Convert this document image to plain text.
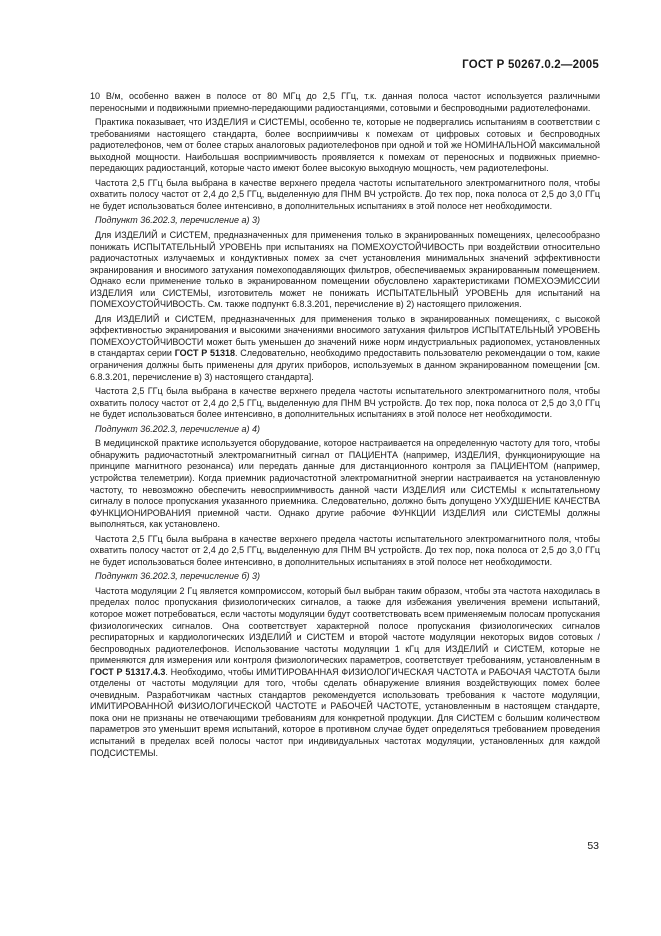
ГОСТ Р 50267.0.2—2005

10 В/м, особенно важен в полосе от 80 МГц до 2,5 ГГц, т.к. данная полоса частот используется различными переносными и подвижными приемно-передающими радиостанциями, сотовыми и беспроводными радиотелефонами.

Практика показывает, что ИЗДЕЛИЯ и СИСТЕМЫ, особенно те, которые не подвергались испытаниям в соответствии с требованиями настоящего стандарта, более восприимчивы к помехам от цифровых сотовых и беспроводных радиотелефонов, чем от более старых аналоговых радиотелефонов при одной и той же НОМИНАЛЬНОЙ максимальной выходной мощности. Наибольшая восприимчивость проявляется к помехам от переносных и подвижных приемно-передающих радиостанций, которые часто имеют более высокую выходную мощность, чем радиотелефоны.

Частота 2,5 ГГц была выбрана в качестве верхнего предела частоты испытательного электромагнитного поля, чтобы охватить полосу частот от 2,4 до 2,5 ГГц, выделенную для ПНМ ВЧ устройств. До тех пор, пока полоса от 2,5 до 3,0 ГГц не будет использоваться более интенсивно, в дополнительных испытаниях в этой полосе нет необходимости.

Подпункт 36.202.3, перечисление а) 3)

Для ИЗДЕЛИЙ и СИСТЕМ, предназначенных для применения только в экранированных помещениях, целесообразно понижать ИСПЫТАТЕЛЬНЫЙ УРОВЕНЬ при испытаниях на ПОМЕХОУСТОЙЧИВОСТЬ при воздействии относительно радиочастотных излучаемых и кондуктивных помех за счет установления минимальных значений эффективности экранирования и вносимого затухания помехоподавляющих фильтров, обеспечиваемых экранированным помещением. Однако если применение только в экранированном помещении обусловлено характеристиками ПОМЕХОЭМИССИИ ИЗДЕЛИЯ или СИСТЕМЫ, изготовитель может не понижать ИСПЫТАТЕЛЬНЫЙ УРОВЕНЬ для испытаний на ПОМЕХОУСТОЙЧИВОСТЬ. См. также подпункт 6.8.3.201, перечисление в) 2) настоящего приложения.

Для ИЗДЕЛИЙ и СИСТЕМ, предназначенных для применения только в экранированных помещениях, с высокой эффективностью экранирования и высокими значениями вносимого затухания фильтров ИСПЫТАТЕЛЬНЫЙ УРОВЕНЬ ПОМЕХОУСТОЙЧИВОСТИ может быть уменьшен до значений ниже норм индустриальных радиопомех, установленных в стандартах серии ГОСТ Р 51318. Следовательно, необходимо предоставить пользователю рекомендации о том, какие ограничения должны быть применены для других приборов, используемых в данном экранированном помещении [см. 6.8.3.201, перечисление в) 3) настоящего стандарта].

Частота 2,5 ГГц была выбрана в качестве верхнего предела частоты испытательного электромагнитного поля, чтобы охватить полосу частот от 2,4 до 2,5 ГГц, выделенную для ПНМ ВЧ устройств. До тех пор, пока полоса от 2,5 до 3,0 ГГц не будет использоваться более интенсивно, в дополнительных испытаниях в этой полосе нет необходимости.

Подпункт 36.202.3, перечисление а) 4)

В медицинской практике используется оборудование, которое настраивается на определенную частоту для того, чтобы обнаружить радиочастотный электромагнитный сигнал от ПАЦИЕНТА (например, ИЗДЕЛИЯ, функционирующие на принципе магнитного резонанса) или передать данные для дистанционного контроля за ПАЦИЕНТОМ (например, устройства телеметрии). Когда приемник радиочастотной электромагнитной энергии настраивается на установленную частоту, то невозможно обеспечить невосприимчивость данной части ИЗДЕЛИЯ или СИСТЕМЫ к испытательному сигналу в полосе пропускания указанного приемника. Следовательно, должно быть допущено УХУДШЕНИЕ КАЧЕСТВА ФУНКЦИОНИРОВАНИЯ приемной части. Однако другие рабочие ФУНКЦИИ ИЗДЕЛИЯ или СИСТЕМЫ должны выполняться, как установлено.

Частота 2,5 ГГц была выбрана в качестве верхнего предела частоты испытательного электромагнитного поля, чтобы охватить полосу частот от 2,4 до 2,5 ГГц, выделенную для ПНМ ВЧ устройств. До тех пор, пока полоса от 2,5 до 3,0 ГГц не будет использоваться более интенсивно, в дополнительных испытаниях в этой полосе нет необходимости.

Подпункт 36.202.3, перечисление б) 3)

Частота модуляции 2 Гц является компромиссом, который был выбран таким образом, чтобы эта частота находилась в пределах полос пропускания физиологических сигналов, а также для избежания увеличения времени испытаний, которое может потребоваться, если частоты модуляции будут соответствовать всем применяемым полосам пропускания физиологических сигналов. Она соответствует характерной полосе пропускания физиологических сигналов респираторных и кардиологических ИЗДЕЛИЙ и СИСТЕМ и второй частоте модуляции некоторых видов сотовых / беспроводных радиотелефонов. Использование частоты модуляции 1 кГц для ИЗДЕЛИЙ и СИСТЕМ, которые не применяются для измерения или контроля физиологических параметров, соответствует требованиям, установленным в ГОСТ Р 51317.4.3. Необходимо, чтобы ИМИТИРОВАННАЯ ФИЗИОЛОГИЧЕСКАЯ ЧАСТОТА и РАБОЧАЯ ЧАСТОТА были отделены от частоты модуляции для того, чтобы сделать обнаружение влияния воздействующих помех более очевидным. Разработчикам частных стандартов рекомендуется использовать требования к частоте модуляции, ИМИТИРОВАННОЙ ФИЗИОЛОГИЧЕСКОЙ ЧАСТОТЕ и РАБОЧЕЙ ЧАСТОТЕ, установленным в настоящем стандарте, пока они не признаны не отвечающими требованиям для конкретной продукции. Для СИСТЕМ с большим количеством параметров это уменьшит время испытаний, которое в противном случае будет определяться требованием проведения испытаний в пределах всей полосы частот при индивидуальных частотах модуляции, установленных для каждой ПОДСИСТЕМЫ.

53
